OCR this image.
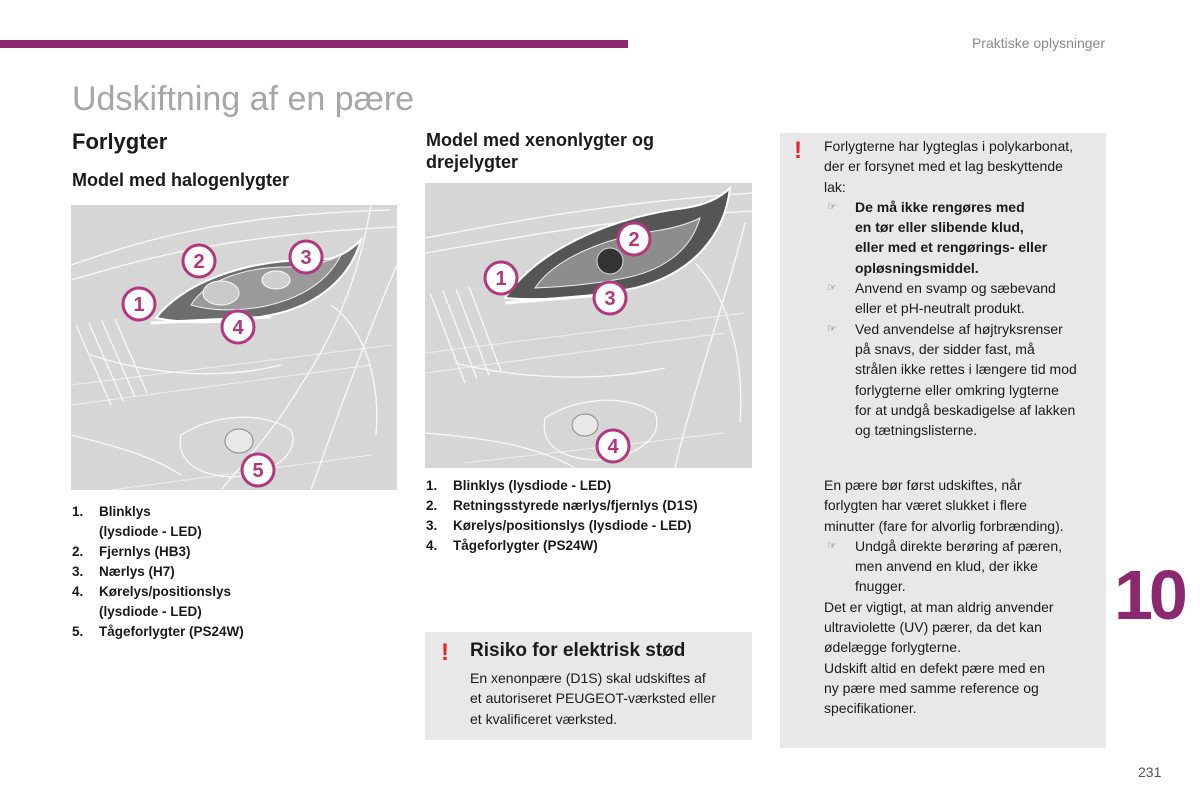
Praktiske oplysninger
Udskiftning af en pære
Forlygter
Model med halogenlygter
2	3
1
4
5
1.	Blinklys
(lysdiode - LED)
2.	Fjernlys (HB3)
3.	Nærlys (H7)
4.	Kørelys/positionslys
(lysdiode - LED)
5.	Tågeforlygter (PS24W)
Model med xenonlygter og
drejelygter
1
2
3
4
1.	Blinklys (lysdiode - LED)
2.	Retningsstyrede nærlys/fjernlys (D1S)
3.	Kørelys/positionslys (lysdiode - LED)
4.	Tågeforlygter (PS24W)
! Risiko for elektrisk stød

En xenonpære (D1S) skal udskiftes af

et autoriseret PEUGEOT-værksted eller

et kvalificeret værksted.

! Forlygterne har lygteglas i polykarbonat,

der er forsynet med et lag beskyttende

lak:

☞	De må ikke rengøres med
en tør eller slibende klud,
eller med et rengørings- eller
opløsningsmiddel.
☞	Anvend en svamp og sæbevand
eller et pH-neutralt produkt.
☞	Ved anvendelse af højtryksrenser
på snavs, der sidder fast, må
strålen ikke rettes i længere tid mod
forlygterne eller omkring lygterne
for at undgå beskadigelse af lakken
og tætningslisterne.

En pære bør først udskiftes, når

forlygten har været slukket i flere

minutter (fare for alvorlig forbrænding).

☞	Undgå direkte berøring af pæren,
men anvend en klud, der ikke
fnugger.

Det er vigtigt, at man aldrig anvender

ultraviolette (UV) pærer, da det kan

ødelægge forlygterne.

Udskift altid en defekt pære med en

ny pære med samme reference og

specifikationer.

10
231
